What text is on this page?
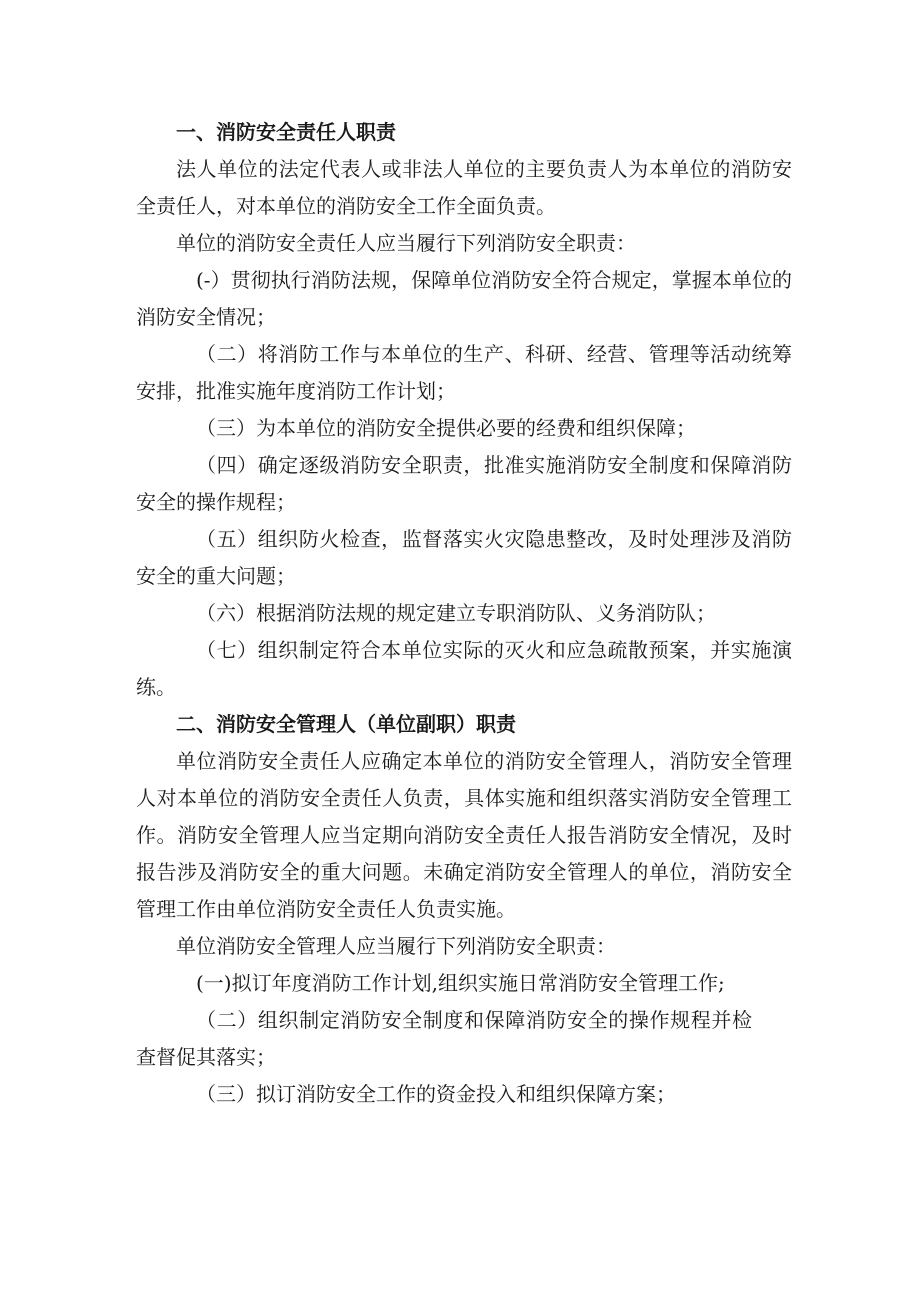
一、消防安全责任人职责

法人单位的法定代表人或非法人单位的主要负责人为本单位的消防安全责任人，对本单位的消防安全工作全面负责。

单位的消防安全责任人应当履行下列消防安全职责：

(-）贯彻执行消防法规，保障单位消防安全符合规定，掌握本单位的消防安全情况；

（二）将消防工作与本单位的生产、科研、经营、管理等活动统筹安排，批准实施年度消防工作计划；

（三）为本单位的消防安全提供必要的经费和组织保障；

（四）确定逐级消防安全职责，批准实施消防安全制度和保障消防安全的操作规程；

（五）组织防火检查，监督落实火灾隐患整改，及时处理涉及消防安全的重大问题；

（六）根据消防法规的规定建立专职消防队、义务消防队；

（七）组织制定符合本单位实际的灭火和应急疏散预案，并实施演练。

二、消防安全管理人（单位副职）职责

单位消防安全责任人应确定本单位的消防安全管理人，消防安全管理人对本单位的消防安全责任人负责，具体实施和组织落实消防安全管理工作。消防安全管理人应当定期向消防安全责任人报告消防安全情况，及时报告涉及消防安全的重大问题。未确定消防安全管理人的单位，消防安全管理工作由单位消防安全责任人负责实施。

单位消防安全管理人应当履行下列消防安全职责：

(一)拟订年度消防工作计划,组织实施日常消防安全管理工作;

（二）组织制定消防安全制度和保障消防安全的操作规程并检查督促其落实；

（三）拟订消防安全工作的资金投入和组织保障方案；
